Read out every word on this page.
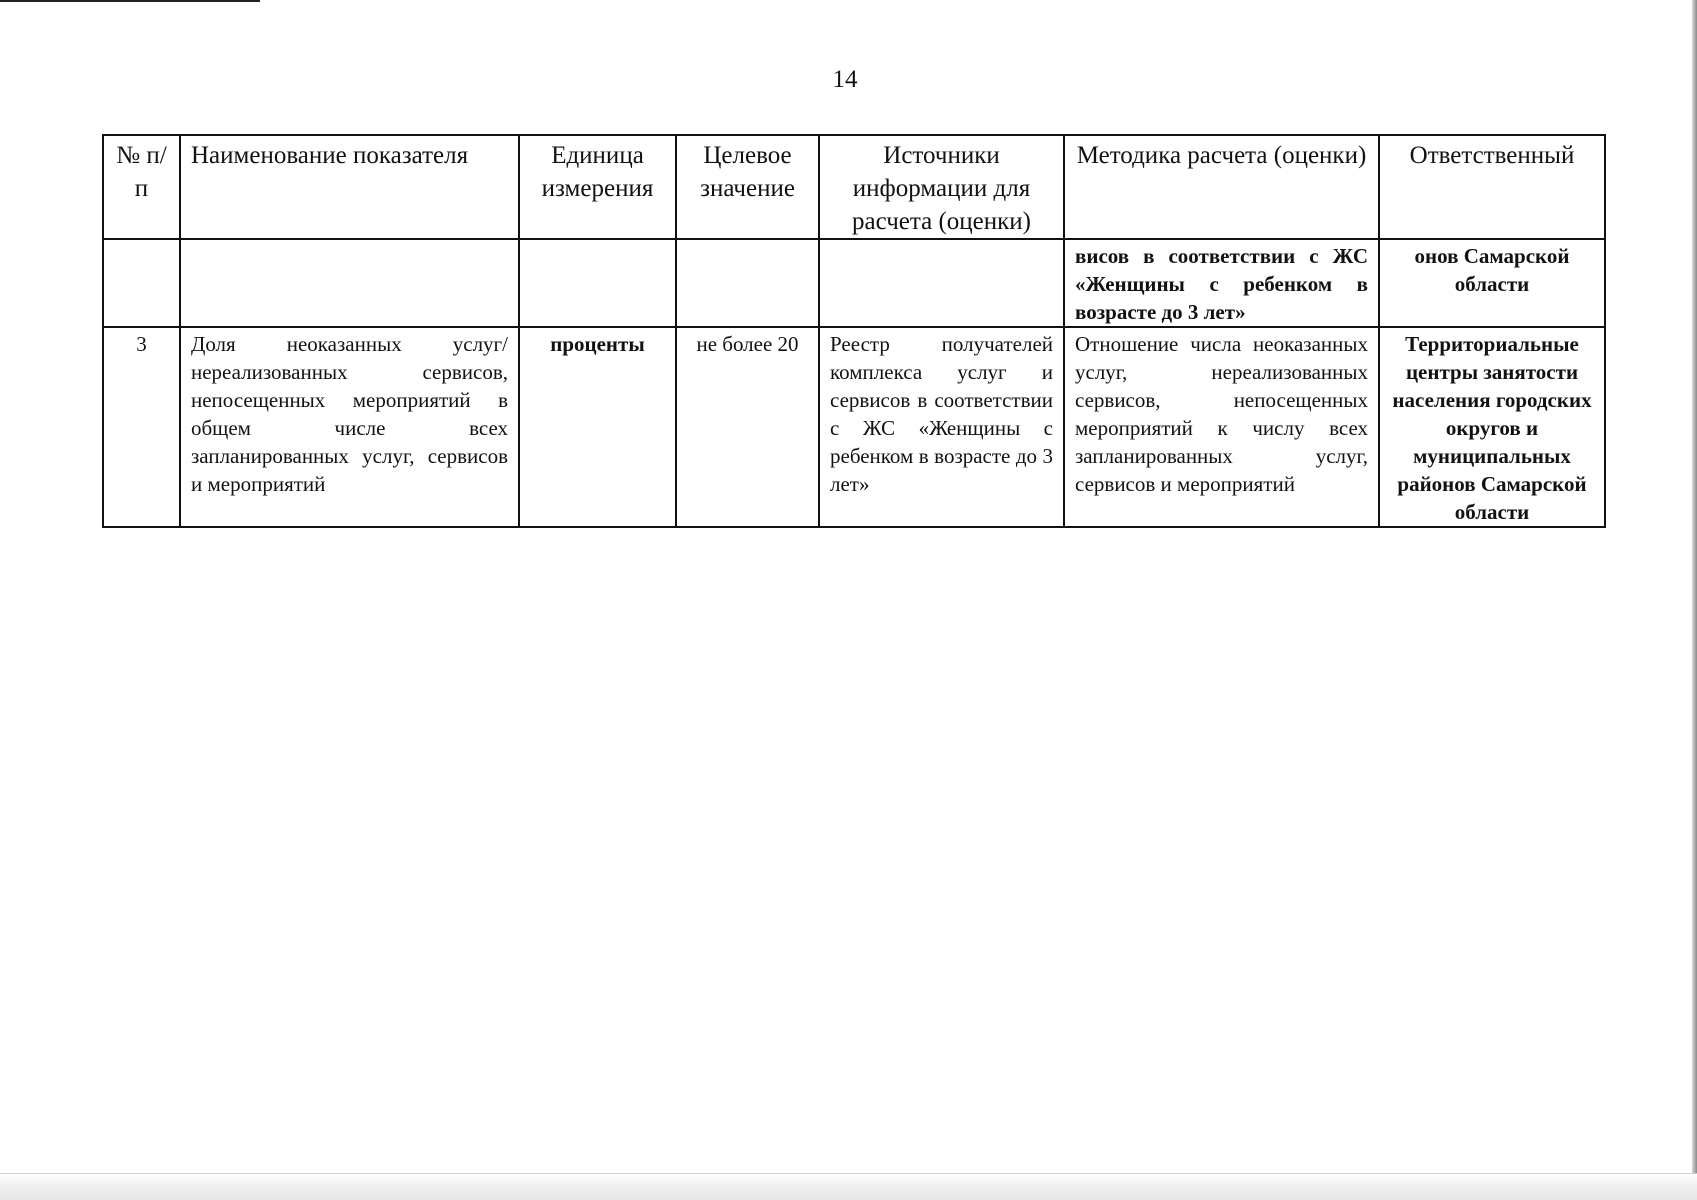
14
№ п/п	Наименование показателя	Единица измерения	Целевое значение	Источники информации для расчета (оценки)	Методика расчета (оценки)	Ответственный
					висов в соответствии с ЖС «Женщины с ребенком в возрасте до 3 лет»	онов Самарской области
3	Доля неоказанных услуг/ нереализованных сервисов, непосещенных мероприятий в общем числе всех запланированных услуг, сервисов и мероприятий	проценты	не более 20	Реестр получателей комплекса услуг и сервисов в соответствии с ЖС «Женщины с ребенком в возрасте до 3 лет»	Отношение числа неоказанных услуг, нереализованных сервисов, непосещенных мероприятий к числу всех запланированных услуг, сервисов и мероприятий	Территориальные центры занятости населения городских округов и муниципальных районов Самарской области
